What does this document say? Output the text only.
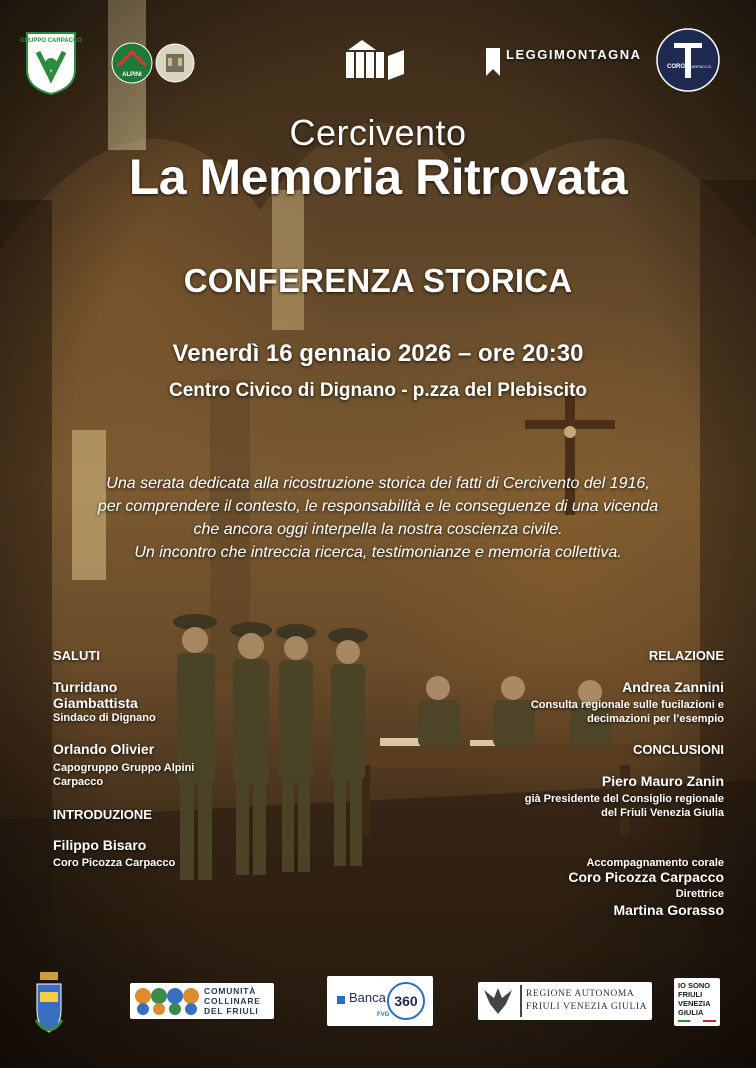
GRUPPO CARPACCO
ALPINI
LEGGIMONTAGNA
CORO CARPACCO
Cercivento
La Memoria Ritrovata
CONFERENZA STORICA
Venerdì 16 gennaio 2026 – ore 20:30
Centro Civico di Dignano - p.zza del Plebiscito
Una serata dedicata alla ricostruzione storica dei fatti di Cercivento del 1916,
per comprendere il contesto, le responsabilità e le conseguenze di una vicenda
che ancora oggi interpella la nostra coscienza civile.
Un incontro che intreccia ricerca, testimonianze e memoria collettiva.
SALUTI
Turridano
Giambattista
Sindaco di Dignano
Orlando Olivier
Capogruppo Gruppo Alpini
Carpacco
INTRODUZIONE
Filippo Bisaro
Coro Picozza Carpacco
RELAZIONE
Andrea Zannini
Consulta regionale sulle fucilazioni e
decimazioni per l’esempio
CONCLUSIONI
Piero Mauro Zanin
già Presidente del Consiglio regionale
del Friuli Venezia Giulia
Accompagnamento corale
Coro Picozza Carpacco
Direttrice
Martina Gorasso
COMUNITÀ
COLLINARE
DEL FRIULI
Banca 360
FVG
REGIONE AUTONOMA
FRIULI VENEZIA GIULIA
IO SONO
FRIULI
VENEZIA
GIULIA
